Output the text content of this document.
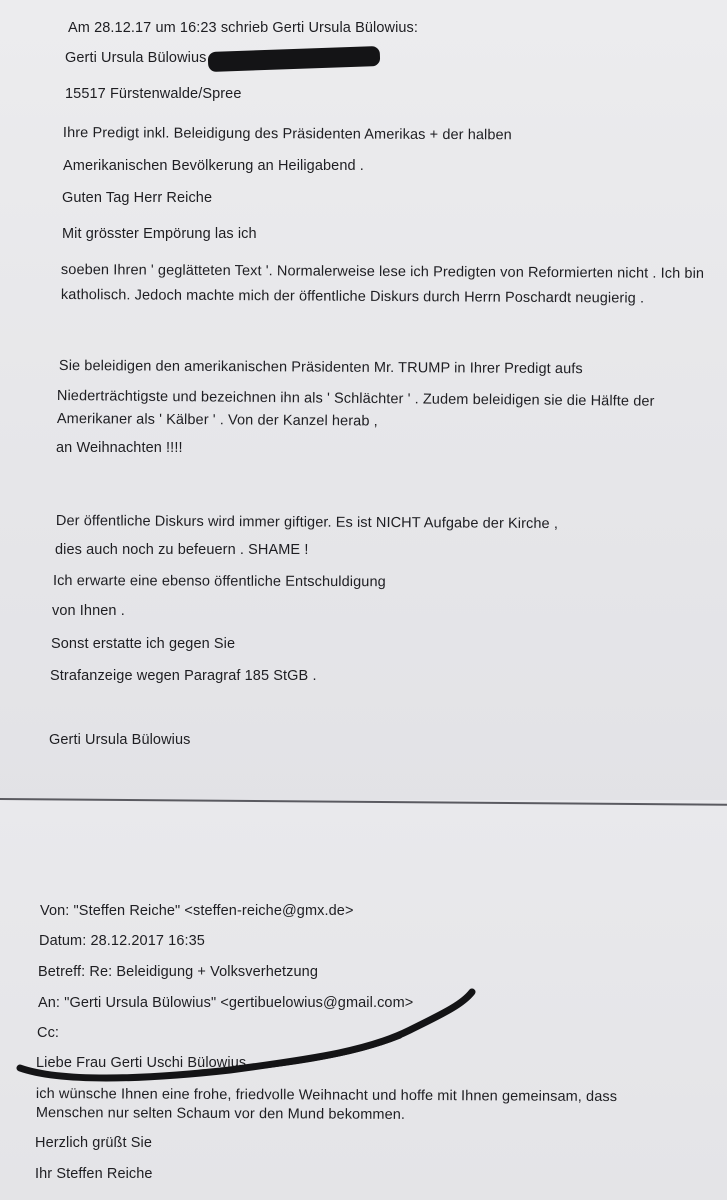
Am 28.12.17 um 16:23 schrieb Gerti Ursula Bülowius:
Gerti Ursula Bülowius
15517 Fürstenwalde/Spree
Ihre Predigt inkl. Beleidigung des Präsidenten Amerikas + der halben
Amerikanischen Bevölkerung an Heiligabend .
Guten Tag Herr Reiche
Mit grösster Empörung las ich
soeben Ihren ' geglätteten Text '. Normalerweise lese ich Predigten von Reformierten nicht . Ich bin
katholisch. Jedoch machte mich der öffentliche Diskurs durch Herrn Poschardt neugierig .
Sie beleidigen den amerikanischen Präsidenten Mr. TRUMP in Ihrer Predigt aufs
Niederträchtigste und bezeichnen ihn als ' Schlächter ' . Zudem beleidigen sie die Hälfte der
Amerikaner als ' Kälber ' . Von der Kanzel herab ,
an Weihnachten !!!!
Der öffentliche Diskurs wird immer giftiger. Es ist NICHT Aufgabe der Kirche ,
dies auch noch zu befeuern . SHAME !
Ich erwarte eine ebenso öffentliche Entschuldigung
von Ihnen .
Sonst erstatte ich gegen Sie
Strafanzeige wegen Paragraf 185 StGB .
Gerti Ursula Bülowius
Von: "Steffen Reiche" <steffen-reiche@gmx.de>
Datum: 28.12.2017 16:35
Betreff: Re: Beleidigung + Volksverhetzung
An: "Gerti Ursula Bülowius" <gertibuelowius@gmail.com>
Cc:
Liebe Frau Gerti Uschi Bülowius,
ich wünsche Ihnen eine frohe, friedvolle Weihnacht und hoffe mit Ihnen gemeinsam, dass Menschen nur selten Schaum vor den Mund bekommen.
Herzlich grüßt Sie
Ihr Steffen Reiche
